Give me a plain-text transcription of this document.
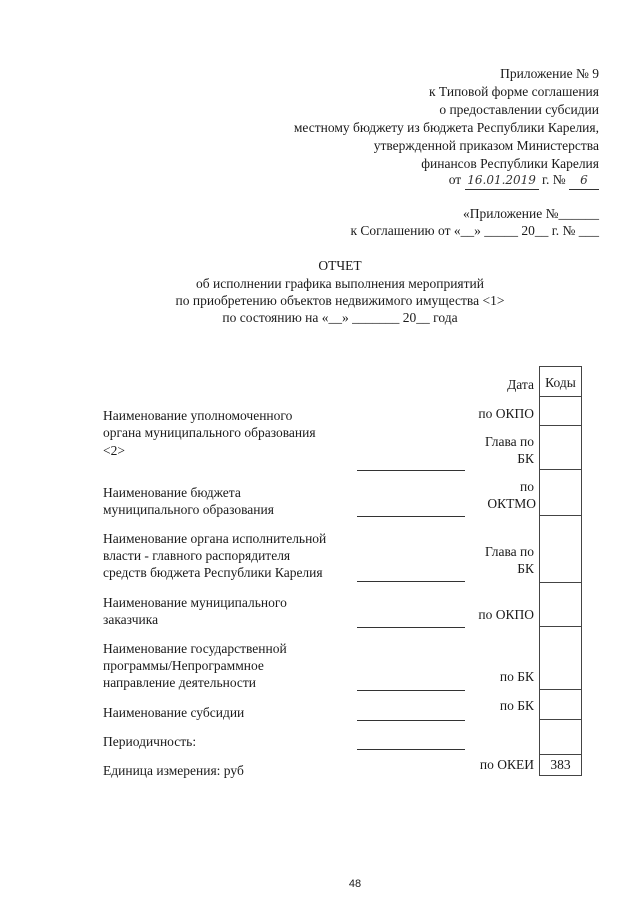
Приложение № 9
к Типовой форме соглашения
о предоставлении субсидии
местному бюджету из бюджета Республики Карелия,
утвержденной приказом Министерства
финансов Республики Карелия
от 16.01.2019 г. № 6
«Приложение №______
к Соглашению от «__» _____ 20__ г. № ___
ОТЧЕТ
об исполнении графика выполнения мероприятий
по приобретению объектов недвижимого имущества <1>
по состоянию на «__» _______ 20__ года
Коды
383
Дата
по ОКПО
Глава по
БК
по
ОКТМО
Глава по
БК
по ОКПО
по БК
по БК
по ОКЕИ
Наименование уполномоченного
органа муниципального образования
<2>
Наименование бюджета
муниципального образования
Наименование органа исполнительной
власти - главного распорядителя
средств бюджета Республики Карелия
Наименование муниципального
заказчика
Наименование государственной
программы/Непрограммное
направление деятельности
Наименование субсидии
Периодичность:
Единица измерения: руб
48
